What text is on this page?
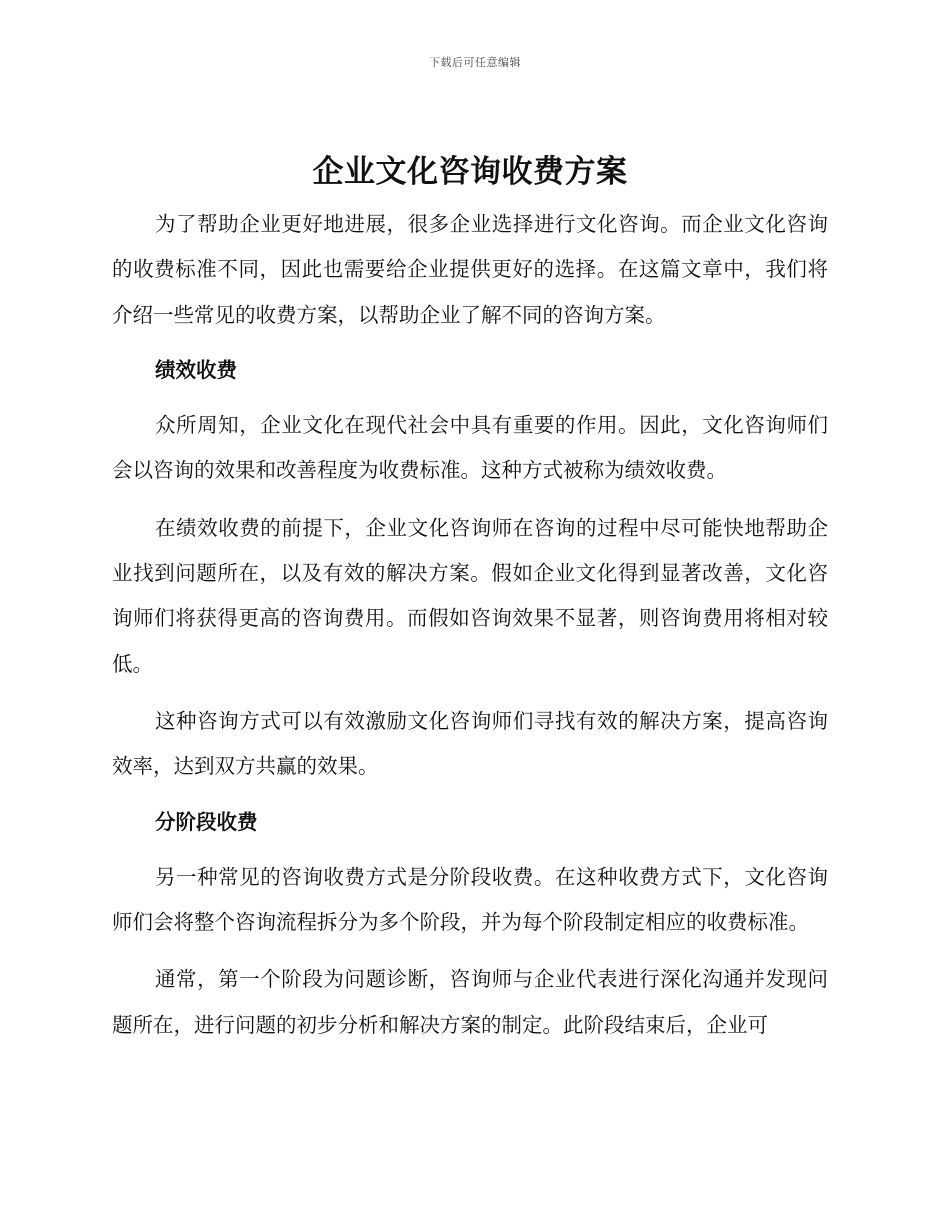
下载后可任意编辑
企业文化咨询收费方案

为了帮助企业更好地进展，很多企业选择进行文化咨询。而企业文化咨询的收费标准不同，因此也需要给企业提供更好的选择。在这篇文章中，我们将介绍一些常见的收费方案，以帮助企业了解不同的咨询方案。

绩效收费

众所周知，企业文化在现代社会中具有重要的作用。因此，文化咨询师们会以咨询的效果和改善程度为收费标准。这种方式被称为绩效收费。

在绩效收费的前提下，企业文化咨询师在咨询的过程中尽可能快地帮助企业找到问题所在，以及有效的解决方案。假如企业文化得到显著改善，文化咨询师们将获得更高的咨询费用。而假如咨询效果不显著，则咨询费用将相对较低。

这种咨询方式可以有效激励文化咨询师们寻找有效的解决方案，提高咨询效率，达到双方共赢的效果。

分阶段收费

另一种常见的咨询收费方式是分阶段收费。在这种收费方式下，文化咨询师们会将整个咨询流程拆分为多个阶段，并为每个阶段制定相应的收费标准。

通常，第一个阶段为问题诊断，咨询师与企业代表进行深化沟通并发现问题所在，进行问题的初步分析和解决方案的制定。此阶段结束后，企业可
